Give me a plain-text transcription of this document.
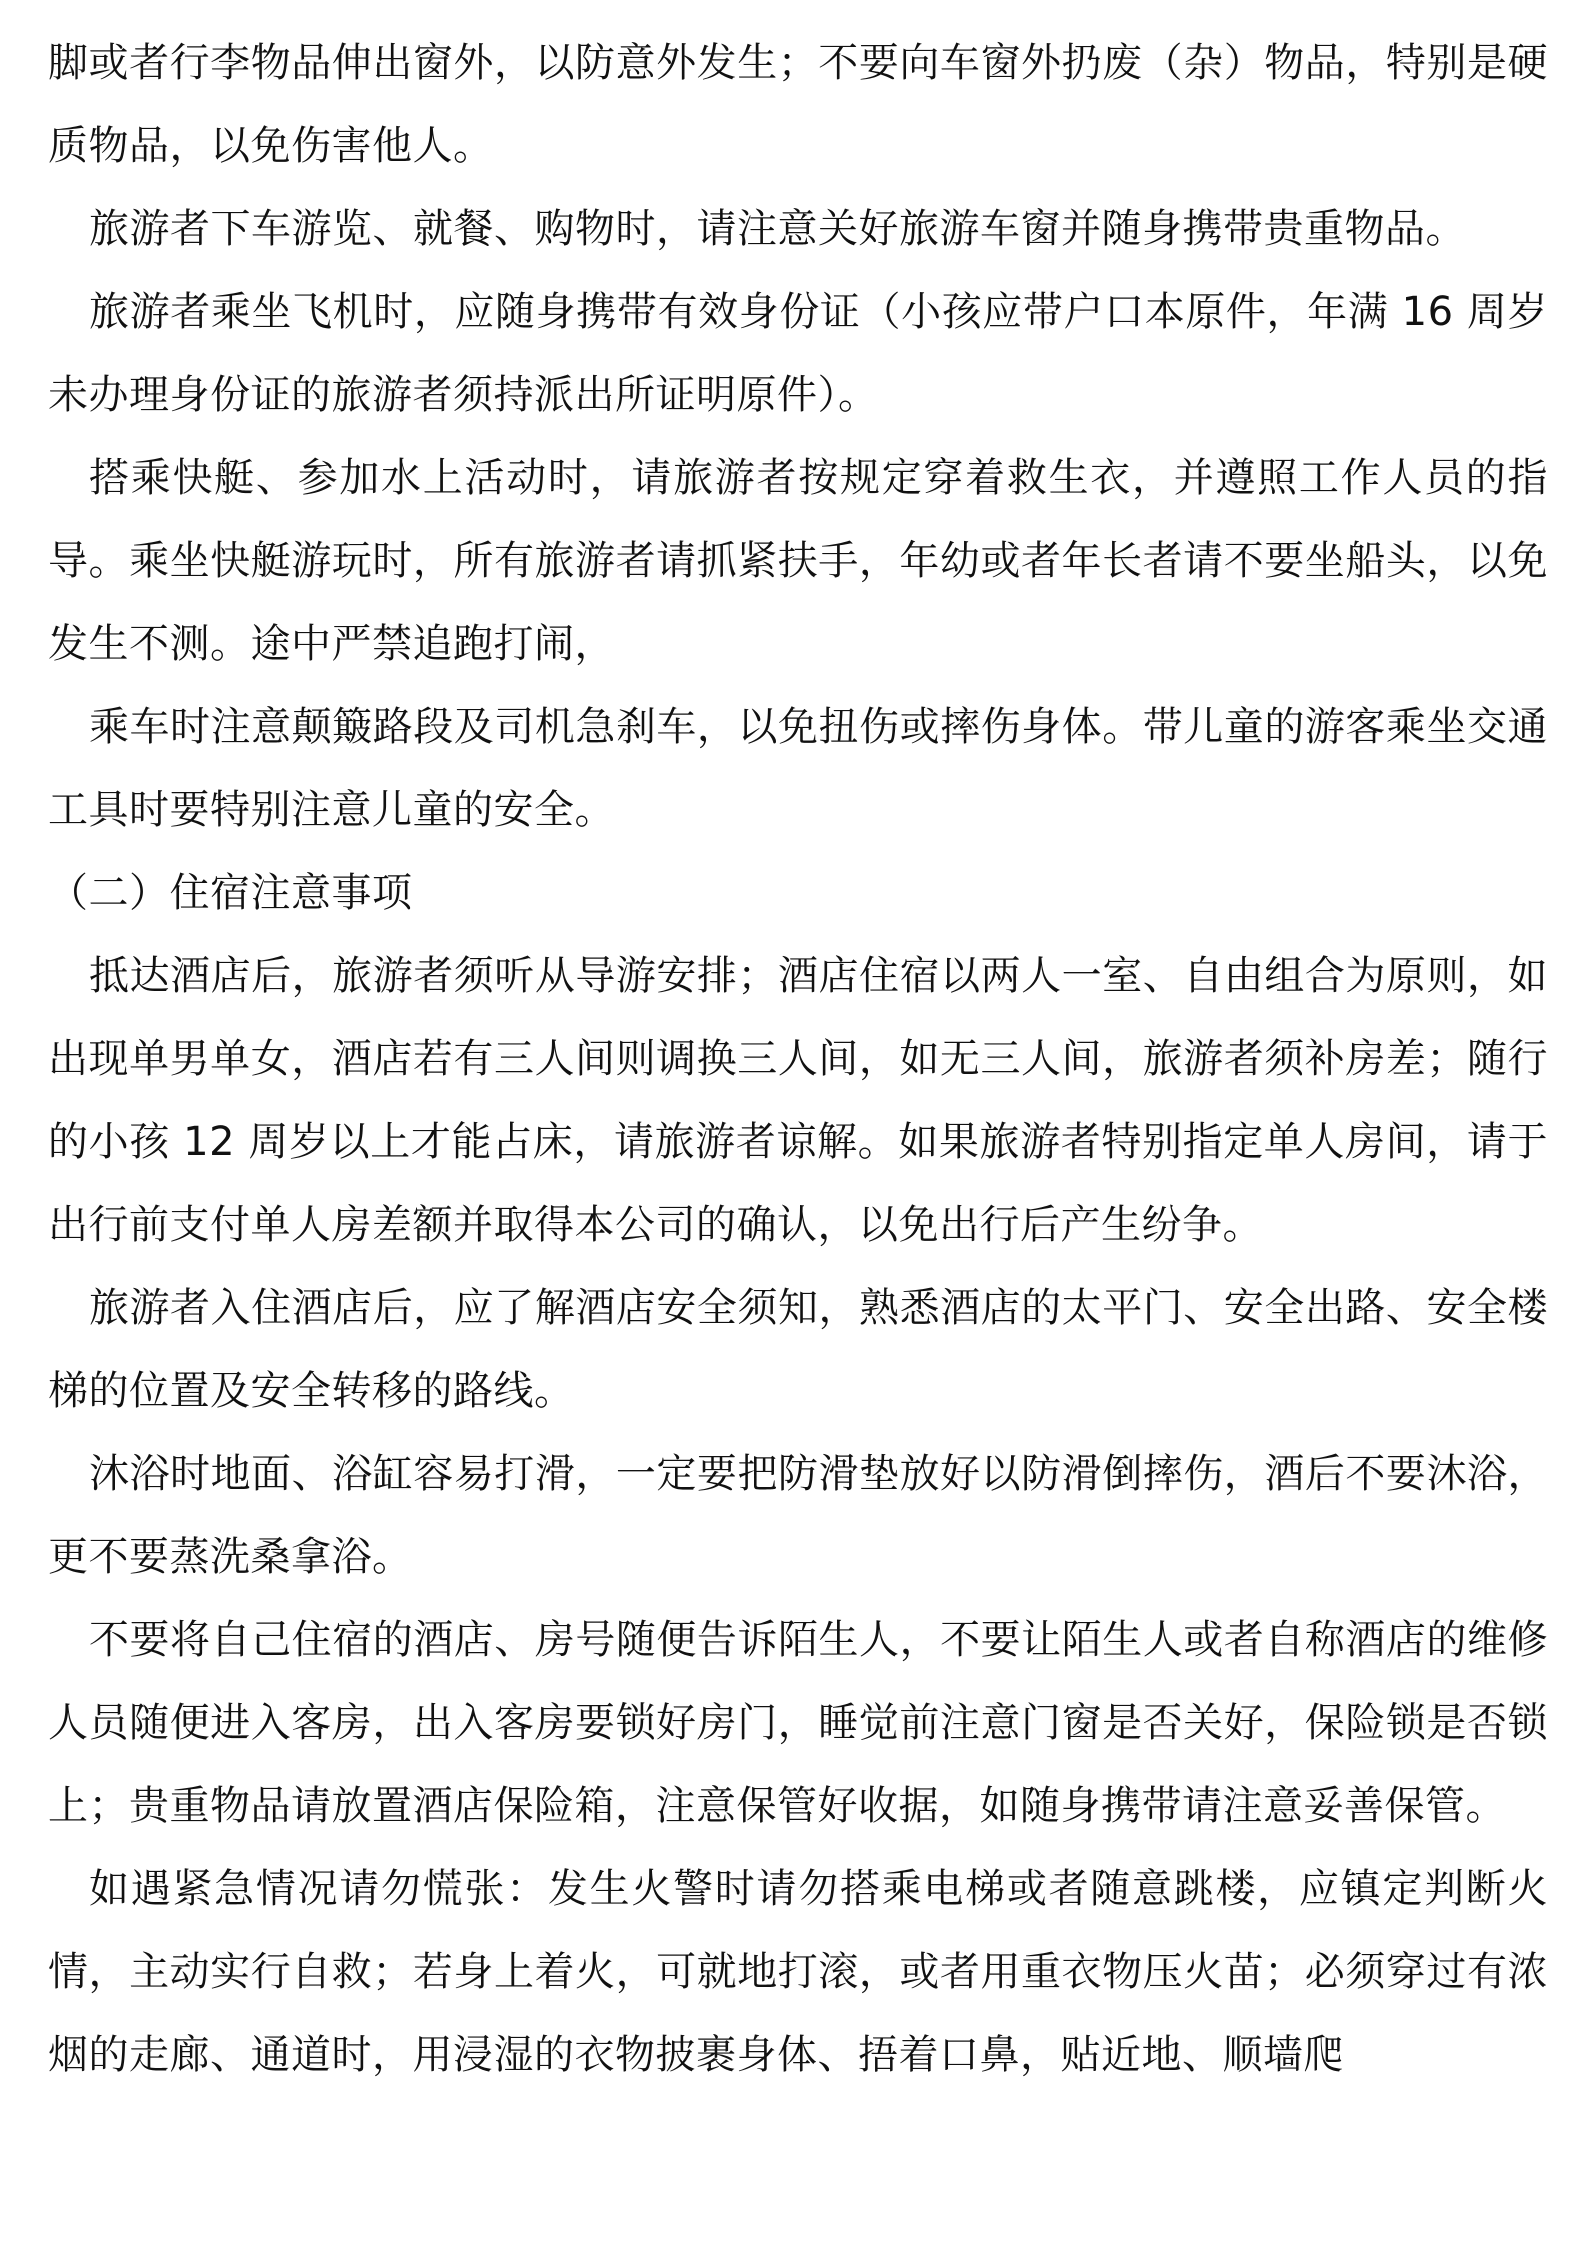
脚或者行李物品伸出窗外，以防意外发生；不要向车窗外扔废（杂）物品，特别是硬质物品，以免伤害他人。

旅游者下车游览、就餐、购物时，请注意关好旅游车窗并随身携带贵重物品。

旅游者乘坐飞机时，应随身携带有效身份证（小孩应带户口本原件，年满 16 周岁未办理身份证的旅游者须持派出所证明原件）。

搭乘快艇、参加水上活动时，请旅游者按规定穿着救生衣，并遵照工作人员的指导。乘坐快艇游玩时，所有旅游者请抓紧扶手，年幼或者年长者请不要坐船头，以免发生不测。途中严禁追跑打闹，

乘车时注意颠簸路段及司机急刹车，以免扭伤或摔伤身体。带儿童的游客乘坐交通工具时要特别注意儿童的安全。

（二）住宿注意事项

抵达酒店后，旅游者须听从导游安排；酒店住宿以两人一室、自由组合为原则，如出现单男单女，酒店若有三人间则调换三人间，如无三人间，旅游者须补房差；随行的小孩 12 周岁以上才能占床，请旅游者谅解。如果旅游者特别指定单人房间，请于出行前支付单人房差额并取得本公司的确认，以免出行后产生纷争。

旅游者入住酒店后，应了解酒店安全须知，熟悉酒店的太平门、安全出路、安全楼梯的位置及安全转移的路线。

沐浴时地面、浴缸容易打滑，一定要把防滑垫放好以防滑倒摔伤，酒后不要沐浴，更不要蒸洗桑拿浴。

不要将自己住宿的酒店、房号随便告诉陌生人，不要让陌生人或者自称酒店的维修人员随便进入客房，出入客房要锁好房门，睡觉前注意门窗是否关好，保险锁是否锁上；贵重物品请放置酒店保险箱，注意保管好收据，如随身携带请注意妥善保管。

如遇紧急情况请勿慌张：发生火警时请勿搭乘电梯或者随意跳楼，应镇定判断火情，主动实行自救；若身上着火，可就地打滚，或者用重衣物压火苗；必须穿过有浓烟的走廊、通道时，用浸湿的衣物披裹身体、捂着口鼻，贴近地、顺墙爬
